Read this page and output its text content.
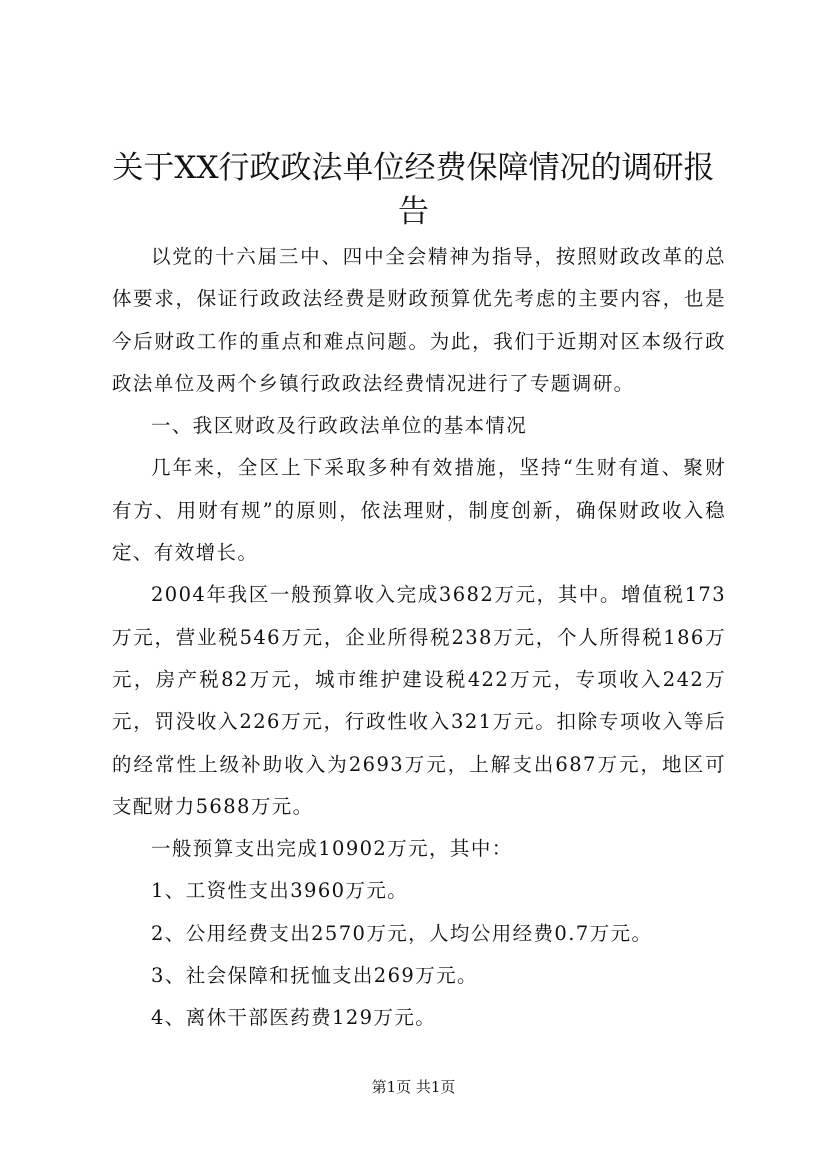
关于XX行政政法单位经费保障情况的调研报告

以党的十六届三中、四中全会精神为指导，按照财政改革的总体要求，保证行政政法经费是财政预算优先考虑的主要内容，也是今后财政工作的重点和难点问题。为此，我们于近期对区本级行政政法单位及两个乡镇行政政法经费情况进行了专题调研。

一、我区财政及行政政法单位的基本情况

几年来，全区上下采取多种有效措施，坚持“生财有道、聚财有方、用财有规”的原则，依法理财，制度创新，确保财政收入稳定、有效增长。

2004年我区一般预算收入完成3682万元，其中。增值税173万元，营业税546万元，企业所得税238万元，个人所得税186万元，房产税82万元，城市维护建设税422万元，专项收入242万元，罚没收入226万元，行政性收入321万元。扣除专项收入等后的经常性上级补助收入为2693万元，上解支出687万元，地区可支配财力5688万元。

一般预算支出完成10902万元，其中：

1、工资性支出3960万元。

2、公用经费支出2570万元，人均公用经费0.7万元。

3、社会保障和抚恤支出269万元。

4、离休干部医药费129万元。

第1页 共1页
